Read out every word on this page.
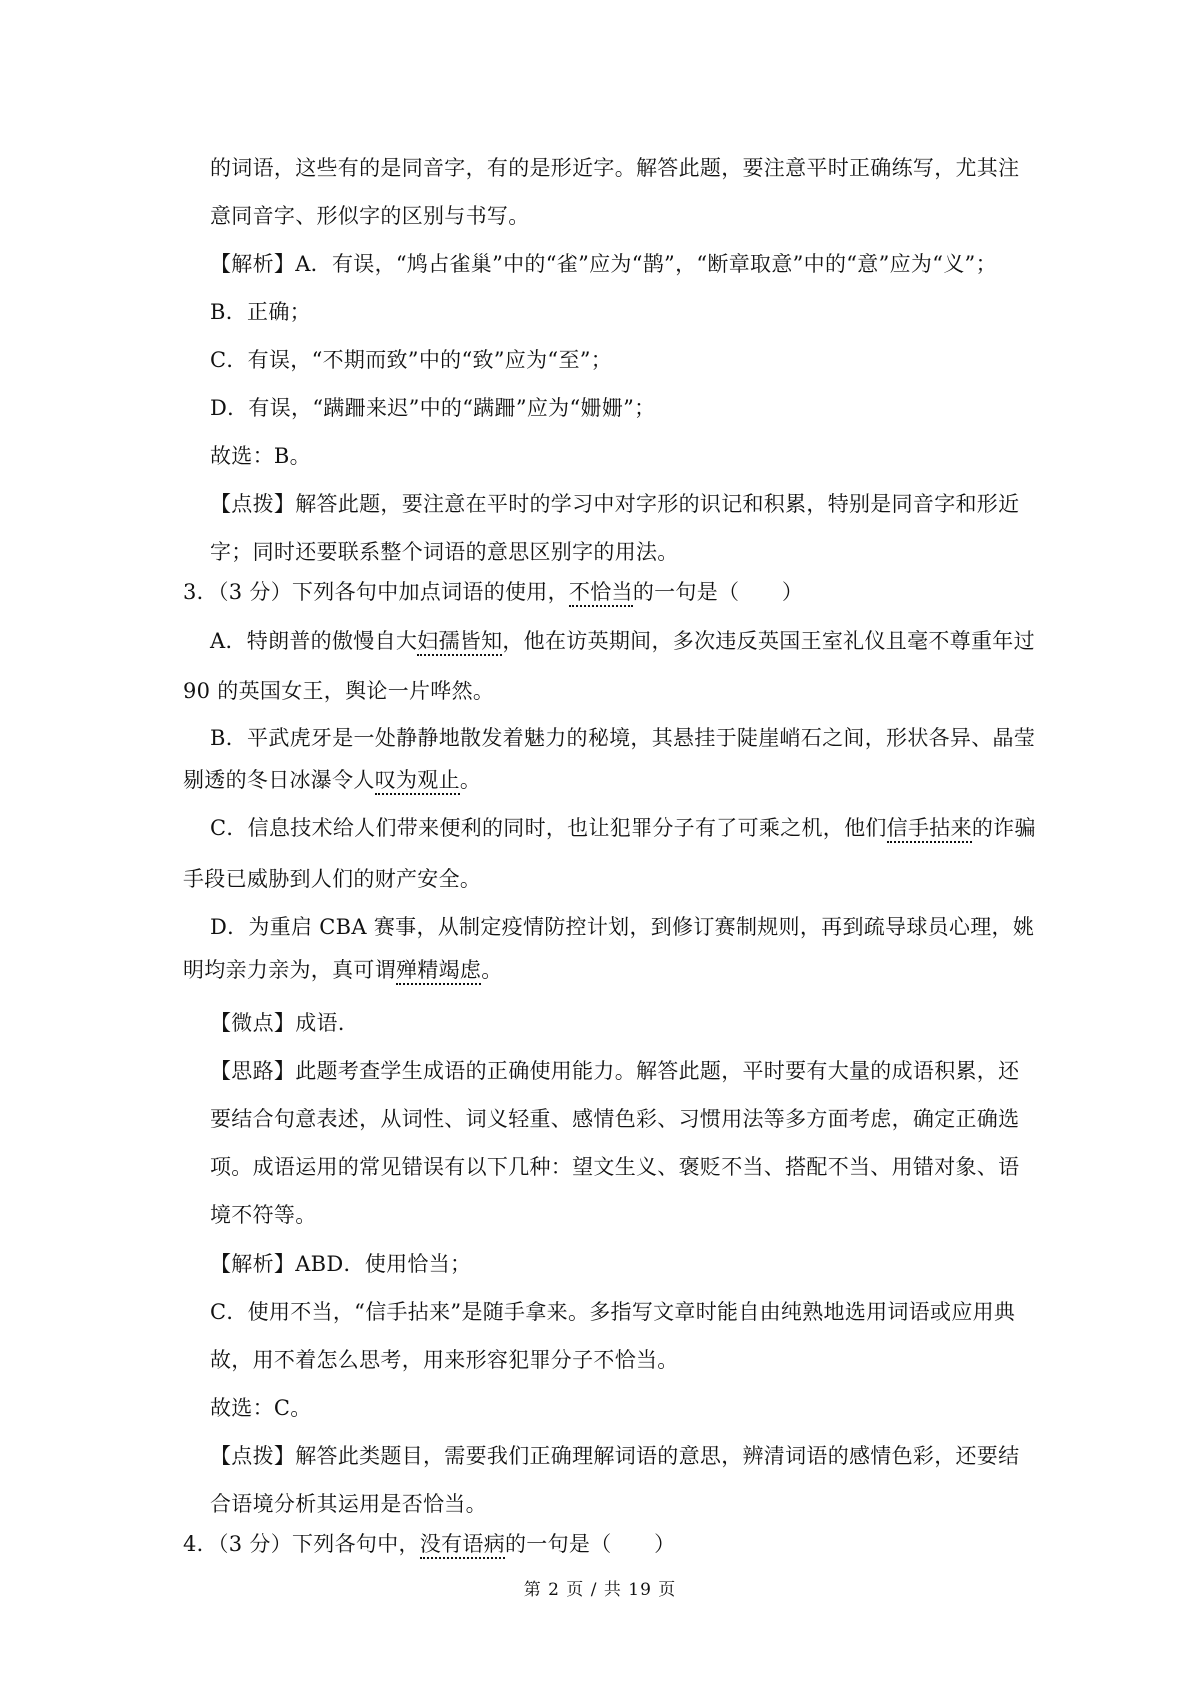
的词语，这些有的是同音字，有的是形近字。解答此题，要注意平时正确练写，尤其注
意同音字、形似字的区别与书写。
【解析】A．有误，“鸠占雀巢”中的“雀”应为“鹊”，“断章取意”中的“意”应为“义”；
B．正确；
C．有误，“不期而致”中的“致”应为“至”；
D．有误，“蹒跚来迟”中的“蹒跚”应为“姗姗”；
故选：B。
【点拨】解答此题，要注意在平时的学习中对字形的识记和积累，特别是同音字和形近
字；同时还要联系整个词语的意思区别字的用法。
3．（3 分）下列各句中加点词语的使用，不恰当的一句是（　　）
A．特朗普的傲慢自大妇孺皆知，他在访英期间，多次违反英国王室礼仪且毫不尊重年过
90 的英国女王，舆论一片哗然。
B．平武虎牙是一处静静地散发着魅力的秘境，其悬挂于陡崖峭石之间，形状各异、晶莹
剔透的冬日冰瀑令人叹为观止。
C．信息技术给人们带来便利的同时，也让犯罪分子有了可乘之机，他们信手拈来的诈骗
手段已威胁到人们的财产安全。
D．为重启 CBA 赛事，从制定疫情防控计划，到修订赛制规则，再到疏导球员心理，姚
明均亲力亲为，真可谓殚精竭虑。
【微点】成语.
【思路】此题考查学生成语的正确使用能力。解答此题，平时要有大量的成语积累，还
要结合句意表述，从词性、词义轻重、感情色彩、习惯用法等多方面考虑，确定正确选
项。成语运用的常见错误有以下几种：望文生义、褒贬不当、搭配不当、用错对象、语
境不符等。
【解析】ABD．使用恰当；
C．使用不当，“信手拈来”是随手拿来。多指写文章时能自由纯熟地选用词语或应用典
故，用不着怎么思考，用来形容犯罪分子不恰当。
故选：C。
【点拨】解答此类题目，需要我们正确理解词语的意思，辨清词语的感情色彩，还要结
合语境分析其运用是否恰当。
4．（3 分）下列各句中，没有语病的一句是（　　）
第 2 页 / 共 19 页
